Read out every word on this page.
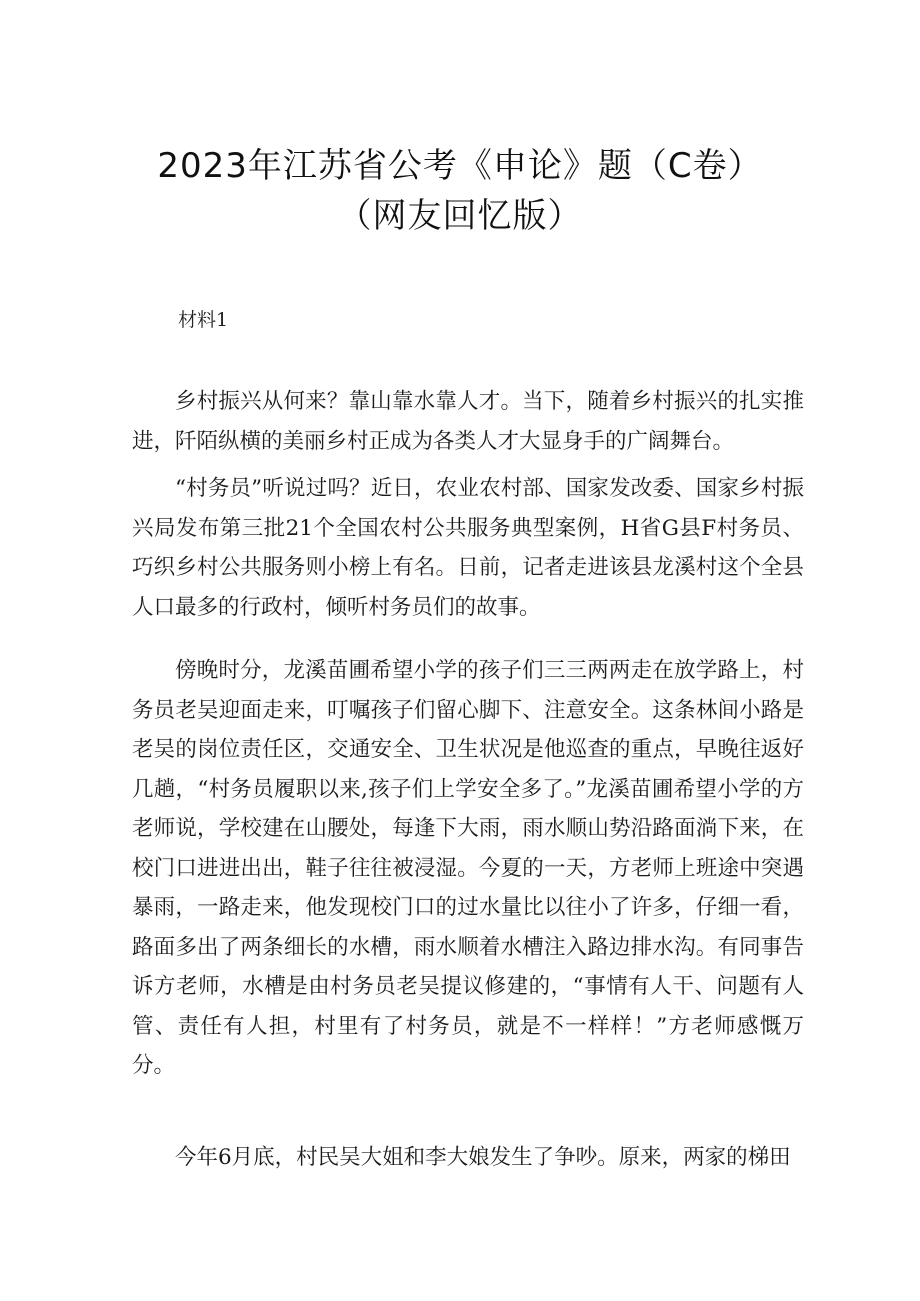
2023年江苏省公考《申论》题（C卷）
（网友回忆版）
材料1

乡村振兴从何来？靠山靠水靠人才。当下，随着乡村振兴的扎实推进，阡陌纵横的美丽乡村正成为各类人才大显身手的广阔舞台。

“村务员”听说过吗？近日，农业农村部、国家发改委、国家乡村振兴局发布第三批21个全国农村公共服务典型案例，H省G县F村务员、巧织乡村公共服务则小榜上有名。日前，记者走进该县龙溪村这个全县人口最多的行政村，倾听村务员们的故事。

傍晚时分，龙溪苗圃希望小学的孩子们三三两两走在放学路上，村务员老吴迎面走来，叮嘱孩子们留心脚下、注意安全。这条林间小路是老吴的岗位责任区，交通安全、卫生状况是他巡查的重点，早晚往返好几趟，“村务员履职以来,孩子们上学安全多了。”龙溪苗圃希望小学的方老师说，学校建在山腰处，每逢下大雨，雨水顺山势沿路面淌下来，在校门口进进出出，鞋子往往被浸湿。今夏的一天，方老师上班途中突遇暴雨，一路走来，他发现校门口的过水量比以往小了许多，仔细一看，路面多出了两条细长的水槽，雨水顺着水槽注入路边排水沟。有同事告诉方老师，水槽是由村务员老吴提议修建的，“事情有人干、问题有人管、责任有人担，村里有了村务员，就是不一样样！”方老师感慨万分。

今年6月底，村民吴大姐和李大娘发生了争吵。原来，两家的梯田
